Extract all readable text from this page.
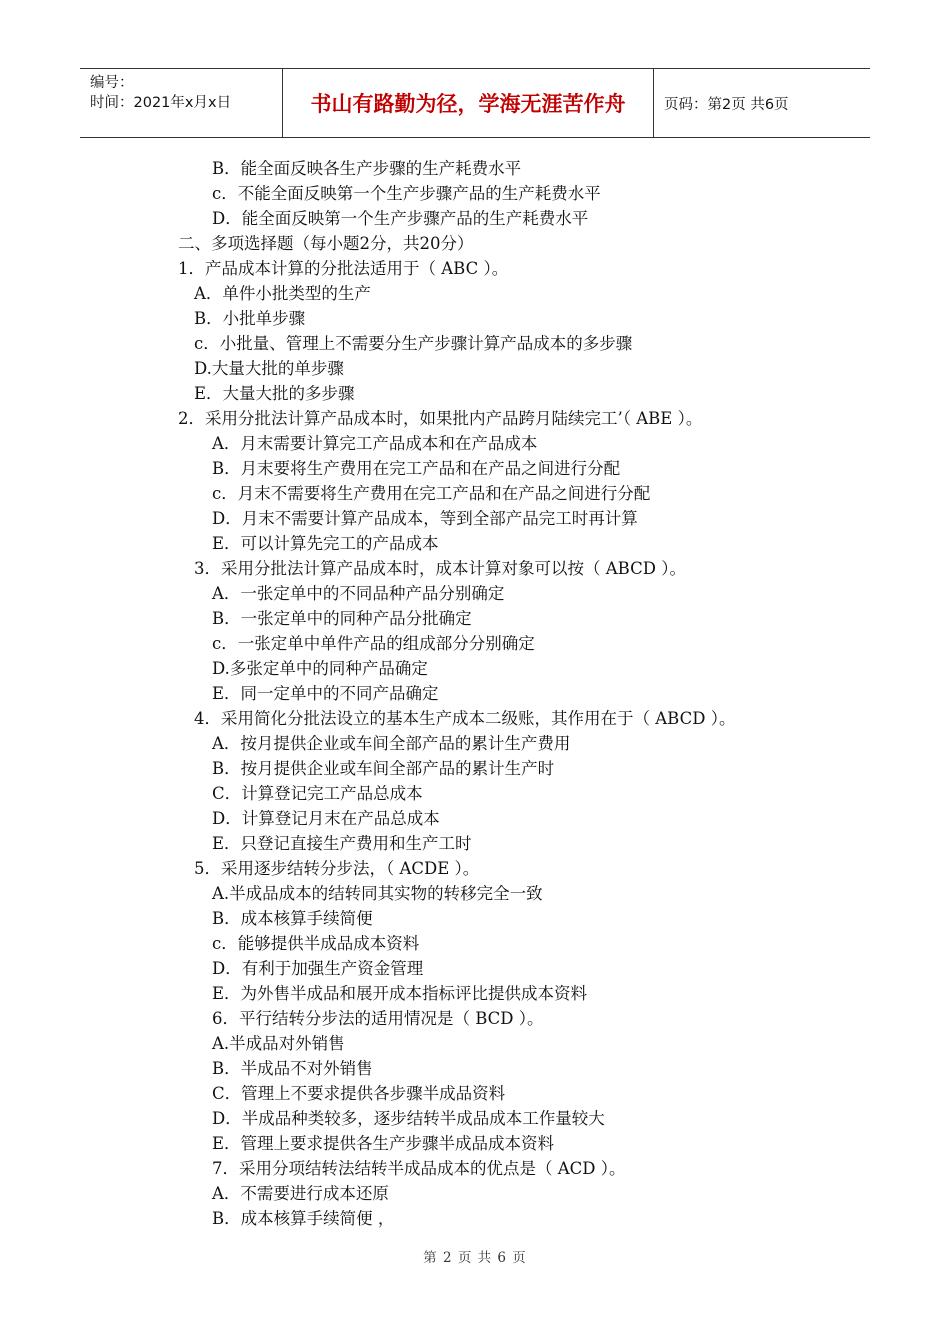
编号：
时间：2021年x月x日	书山有路勤为径，学海无涯苦作舟	页码：第2页 共6页
B．能全面反映各生产步骤的生产耗费水平
c．不能全面反映第一个生产步骤产品的生产耗费水平
D．能全面反映第一个生产步骤产品的生产耗费水平
二、多项选择题（每小题2分，共20分）
1．产品成本计算的分批法适用于（ ABC ）。
A．单件小批类型的生产
B．小批单步骤
c．小批量、管理上不需要分生产步骤计算产品成本的多步骤
D.大量大批的单步骤
E．大量大批的多步骤
2．采用分批法计算产品成本时，如果批内产品跨月陆续完工’（ ABE ）。
A．月末需要计算完工产品成本和在产品成本
B．月末要将生产费用在完工产品和在产品之间进行分配
c．月末不需要将生产费用在完工产品和在产品之间进行分配
D．月末不需要计算产品成本，等到全部产品完工时再计算
E．可以计算先完工的产品成本
3．采用分批法计算产品成本时，成本计算对象可以按（ ABCD ）。
A．一张定单中的不同品种产品分别确定
B．一张定单中的同种产品分批确定
c．一张定单中单件产品的组成部分分别确定
D.多张定单中的同种产品确定
E．同一定单中的不同产品确定
4．采用简化分批法设立的基本生产成本二级账，其作用在于（ ABCD ）。
A．按月提供企业或车间全部产品的累计生产费用
B．按月提供企业或车间全部产品的累计生产时
C．计算登记完工产品总成本
D．计算登记月末在产品总成本
E．只登记直接生产费用和生产工时
5．采用逐步结转分步法，（ ACDE ）。
A.半成品成本的结转同其实物的转移完全一致
B．成本核算手续简便
c．能够提供半成品成本资料
D．有利于加强生产资金管理
E．为外售半成品和展开成本指标评比提供成本资料
6．平行结转分步法的适用情况是（ BCD ）。
A.半成品对外销售
B．半成品不对外销售
C．管理上不要求提供各步骤半成品资料
D．半成品种类较多，逐步结转半成品成本工作量较大
E．管理上要求提供各生产步骤半成品成本资料
7．采用分项结转法结转半成品成本的优点是（ ACD ）。
A．不需要进行成本还原
B．成本核算手续简便 ，
第 2 页 共 6 页
